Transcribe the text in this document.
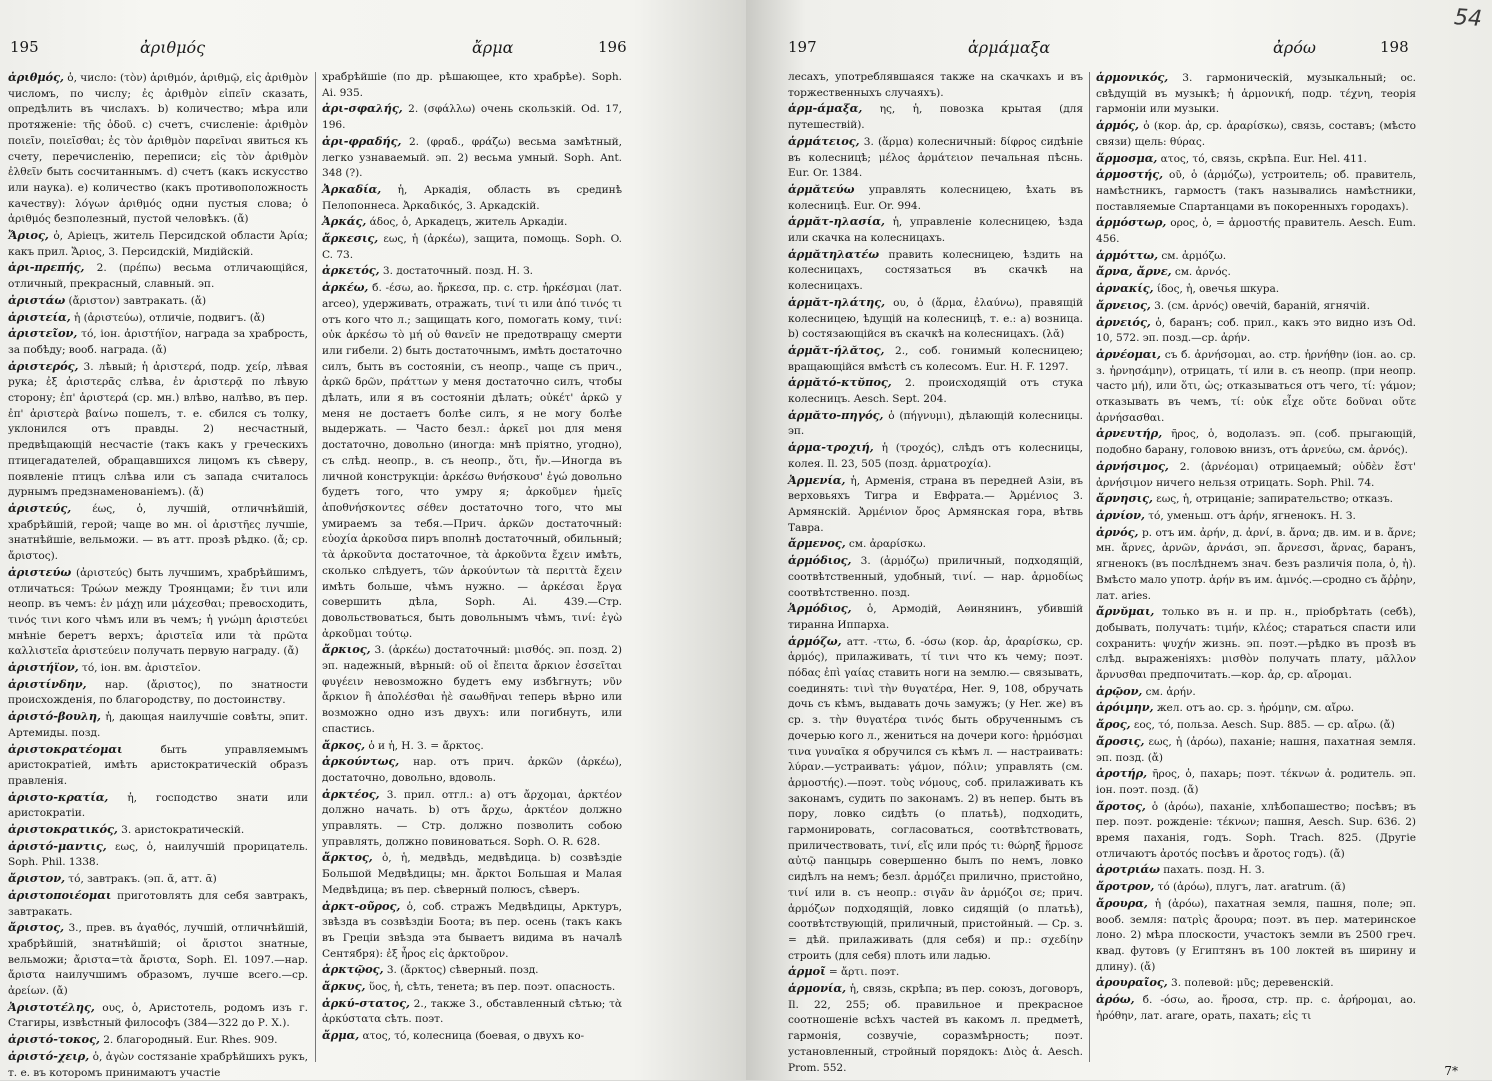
195	ἀριθμός	ἄρμα	196

ἀριθμός, ὁ, число: (τὸν) ἀριθμόν, ἀριθμῷ, εἰς ἀριθμὸν числомъ, по числу; ἐς ἀριθμὸν εἰπεῖν сказать, опредѣлить въ числахъ. b) количество; мѣра или протяженіе: τῆς ὁδοῦ. c) счетъ, счисленіе: ἀριθμὸν ποιεῖν, ποιεῖσθαι; ἐς τὸν ἀριθμὸν παρεῖναι явиться къ счету, перечисленію, переписи; εἰς τὸν ἀριθμὸν ἐλθεῖν быть сосчитаннымъ. d) счетъ (какъ искусство или наука). e) количество (какъ противоположность качеству): λόγων ἀριθμός одни пустыя слова; ὁ ἀριθμός безполезный, пустой человѣкъ. (ἄ)

Ἄριος, ὁ, Аріецъ, житель Персидской области Ἀρία; какъ прил. Ἄριος, 3. Персидскій, Мидійскій.

ἀρι-πρεπής, 2. (πρέπω) весьма отличающійся, отличный, прекрасный, славный. эп.

ἀριστάω (ἄριστον) завтракать. (ἄ)

ἀριστεία, ἡ (ἀριστεύω), отличіе, подвигъ. (ἄ)

ἀριστεῖον, τό, іон. ἀριστήϊον, награда за храбрость, за побѣду; вооб. награда. (ἄ)

ἀριστερός, 3. лѣвый; ἡ ἀριστερά, подр. χείρ, лѣвая рука; ἐξ ἀριστερᾶς слѣва, ἐν ἀριστερᾷ по лѣвую сторону; ἐπ' ἀριστερά (ср. мн.) влѣво, налѣво, въ пер. ἐπ' ἀριστερὰ βαίνω пошелъ, т. е. сбился съ толку, уклонился отъ правды. 2) несчастный, предвѣщающій несчастіе (такъ какъ у греческихъ птицегадателей, обращавшихся лицомъ къ сѣверу, появленіе птицъ слѣва или съ запада считалось дурнымъ предзнаменованіемъ). (ἄ)

ἀριστεύς, έως, ὁ, лучшій, отличнѣйшій, храбрѣйшій, герой; чаще во мн. οἱ ἀριστῆες лучшіе, знатнѣйшіе, вельможи. — въ атт. прозѣ рѣдко. (ἄ; ср. ἄριστος).

ἀριστεύω (ἀριστεύς) быть лучшимъ, храбрѣйшимъ, отличаться: Τρώων между Троянцами; ἔν τινι или неопр. въ чемъ: ἐν μάχῃ или μάχεσθαι; превосходить, τινός τινι кого чѣмъ или въ чемъ; ἡ γνώμη ἀριστεύει мнѣніе беретъ верхъ; ἀριστεῖα или τὰ πρῶτα καλλιστεῖα ἀριστεύειν получать первую награду. (ἄ)

ἀριστήϊον, τό, іон. вм. ἀριστεῖον.

ἀριστίνδην, нар. (ἄριστος), по знатности происхожденія, по благородству, по достоинству.

ἀριστό-βουλη, ἡ, дающая наилучшіе совѣты, эпит. Артемиды. позд.

ἀριστοκρατέομαι быть управляемымъ аристократіей, имѣть аристократическій образъ правленія.

ἀριστο-κρατία, ἡ, господство знати или аристократіи.

ἀριστοκρατικός, 3. аристократическій.

ἀριστό-μαντις, εως, ὁ, наилучшій прорицатель. Soph. Phil. 1338.

ἄριστον, τό, завтракъ. (эп. ᾰ, атт. ᾱ)

ἀριστοποιέομαι приготовлять для себя завтракъ, завтракать.

ἄριστος, 3., прев. въ ἀγαθός, лучшій, отличнѣйшій, храбрѣйшій, знатнѣйшій; οἱ ἄριστοι знатные, вельможи; ἄριστα=τὰ ἄριστα, Soph. El. 1097.—нар. ἄριστα наилучшимъ образомъ, лучше всего.—ср. ἀρείων. (ἄ)

Ἀριστοτέλης, ους, ὁ, Аристотель, родомъ изъ г. Стагиры, извѣстный философъ (384—322 до Р. Х.).

ἀριστό-τοκος, 2. благородный. Eur. Rhes. 909.

ἀριστό-χειρ, ὁ, ἀγὼν состязаніе храбрѣйшихъ рукъ, т. е. въ которомъ принимаютъ участіе

храбрѣйшіе (по др. рѣшающее, кто храбрѣе). Soph. Ai. 935.

ἀρι-σφαλής, 2. (σφάλλω) очень скользкій. Od. 17, 196.

ἀρι-φραδής, 2. (φραδ., φράζω) весьма замѣтный, легко узнаваемый. эп. 2) весьма умный. Soph. Ant. 348 (?).

Ἀρκαδία, ἡ, Аркадія, область въ срединѣ Пелопоннеса. Ἀρκαδικός, 3. Аркадскій.

Ἀρκάς, άδος, ὁ, Аркадецъ, житель Аркадіи.

ἄρκεσις, εως, ἡ (ἀρκέω), защита, помощь. Soph. O. C. 73.

ἀρκετός, 3. достаточный. позд. Н. З.

ἀρκέω, б. -έσω, ао. ἤρκεσα, пр. с. стр. ἠρκέσμαι (лат. arceo), удерживать, отражать, τινί τι или ἀπό τινός τι отъ кого что л.; защищать кого, помогать кому, τινί: οὐκ ἀρκέσω τὸ μή οὐ θανεῖν не предотвращу смерти или гибели. 2) быть достаточнымъ, имѣть достаточно силъ, быть въ состояніи, съ неопр., чаще съ прич., ἀρκῶ δρῶν, πράττων у меня достаточно силъ, чтобы дѣлать, или я въ состояніи дѣлать; οὐκέτ' ἀρκῶ у меня не достаетъ болѣе силъ, я не могу болѣе выдержать. — Часто безл.: ἀρκεῖ μοι для меня достаточно, довольно (иногда: мнѣ пріятно, угодно), съ слѣд. неопр., в. съ неопр., ὅτι, ἤν.—Иногда въ личной конструкціи: ἀρκέσω θνήσκουσ' ἐγώ довольно будетъ того, что умру я; ἀρκοῦμεν ἡμεῖς ἀποθνήσκοντες σέθεν достаточно того, что мы умираемъ за тебя.—Прич. ἀρκῶν достаточный: εὐοχία ἀρκοῦσα пиръ вполнѣ достаточный, обильный; τὰ ἀρκοῦντα достаточное, τὰ ἀρκοῦντα ἔχειν имѣть, сколько слѣдуетъ, τῶν ἀρκούντων τὰ περιττὰ ἔχειν имѣть больше, чѣмъ нужно. — ἀρκέσαι ἔργα совершить дѣла, Soph. Ai. 439.—Стр. довольствоваться, быть довольнымъ чѣмъ, τινί: ἐγὼ ἀρκοῦμαι τούτῳ.

ἄρκιος, 3. (ἀρκέω) достаточный: μισθός. эп. позд. 2) эп. надежный, вѣрный: οὔ οἱ ἔπειτα ἄρκιον ἐσσεῖται φυγέειν невозможно будетъ ему избѣгнуть; νῦν ἄρκιον ἢ ἀπολέσθαι ἠὲ σαωθῆναι теперь вѣрно или возможно одно изъ двухъ: или погибнуть, или спастись.

ἄρκος, ὁ и ἡ, Н. З. = ἄρκτος.

ἀρκούντως, нар. отъ прич. ἀρκῶν (ἀρκέω), достаточно, довольно, вдоволь.

ἀρκτέος, 3. прил. отгл.: а) отъ ἄρχομαι, ἀρκτέον должно начать. b) отъ ἄρχω, ἀρκτέον должно управлять. — Стр. должно позволить собою управлять, должно повиноваться. Soph. O. R. 628.

ἄρκτος, ὁ, ἡ, медвѣдь, медвѣдица. b) созвѣздіе Большой Медвѣдицы; мн. ἄρκτοι Большая и Малая Медвѣдица; въ пер. сѣверный полюсъ, сѣверъ.

ἀρκτ-οῦρος, ὁ, соб. стражъ Медвѣдицы, Арктуръ, звѣзда въ созвѣздіи Боота; въ пер. осень (такъ какъ въ Греціи звѣзда эта бываетъ видима въ началѣ Сентября): ἐξ ἦρος εἰς ἀρκτοῦρον.

ἀρκτῷος, 3. (ἄρκτος) сѣверный. позд.

ἄρκυς, ὕος, ἡ, сѣть, тенета; въ пер. поэт. опасность.

ἀρκύ-στατος, 2., также 3., обставленный сѣтью; τὰ ἀρκύστατα сѣть. поэт.

ἄρμα, ατος, τό, колесница (боевая, о двухъ ко-

54
197	ἁρμάμαξα	ἀρόω	198

лесахъ, употреблявшаяся также на скачкахъ и въ торжественныхъ случаяхъ).

ἁρμ-άμαξα, ης, ἡ, повозка крытая (для путешествій).

ἁρμάτειος, 3. (ἅρμα) колесничный: δίφρος сидѣніе въ колесницѣ; μέλος ἁρμάτειον печальная пѣснь. Eur. Or. 1384.

ἁρμᾰτεύω управлять колесницею, ѣхать въ колесницѣ. Eur. Or. 994.

ἁρμᾰτ-ηλασία, ἡ, управленіе колесницею, ѣзда или скачка на колесницахъ.

ἁρμᾰτηλατέω править колесницею, ѣздить на колесницахъ, состязаться въ скачкѣ на колесницахъ.

ἁρμᾰτ-ηλάτης, ου, ὁ (ἅρμα, ἐλαύνω), правящій колесницею, ѣдущій на колесницѣ, т. е.: а) возница. b) состязающійся въ скачкѣ на колесницахъ. (λᾰ)

ἁρμᾰτ-ήλᾰτος, 2., соб. гонимый колесницею; вращающійся вмѣстѣ съ колесомъ. Eur. H. F. 1297.

ἁρμᾰτό-κτῠπος, 2. происходящій отъ стука колесницъ. Aesch. Sept. 204.

ἁρμᾰτο-πηγός, ὁ (πήγνυμι), дѣлающій колесницы. эп.

ἁρμα-τροχιή, ἡ (τροχός), слѣдъ отъ колесницы, колея. Il. 23, 505 (позд. ἁρματροχία).

Ἀρμενία, ἡ, Арменія, страна въ передней Азіи, въ верховьяхъ Тигра и Евфрата.— Ἀρμένιος 3. Армянскій. Ἀρμένιον ὄρος Армянская гора, вѣтвь Тавра.

ἄρμενος, см. ἀραρίσκω.

ἁρμόδιος, 3. (ἁρμόζω) приличный, подходящій, соотвѣтственный, удобный, τινί. — нар. ἁρμοδίως соотвѣтственно. позд.

Ἁρμόδιος, ὁ, Армодій, Аѳинянинъ, убившій тиранна Иппарха.

ἁρμόζω, атт. -ττω, б. -όσω (кор. ἀρ, ἀραρίσκω, ср. ἁρμός), прилаживать, τί τινι что къ чему; поэт. πόδας ἐπὶ γαίας ставить ноги на землю.— связывать, соединять: τινὶ τὴν θυγατέρα, Her. 9, 108, обручать дочь съ кѣмъ, выдавать дочь замужъ; (у Her. же) въ ср. з. τὴν θυγατέρα τινός быть обрученнымъ съ дочерью кого л., жениться на дочери кого: ἡρμόσμαι τινα γυναῖκα я обручился съ кѣмъ л. — настраивать: λύραν.—устраивать: γάμον, πόλιν; управлять (см. ἁρμοστής).—поэт. τοὺς νόμους, соб. прилаживать къ законамъ, судить по законамъ. 2) въ непер. быть въ пору, ловко сидѣть (о платьѣ), подходить, гармонировать, согласоваться, соотвѣтствовать, приличествовать, τινί, εἴς или πρός τι: θώρηξ ἥρμοσε αὐτῷ панцырь совершенно былъ по немъ, ловко сидѣлъ на немъ; безл. ἁρμόζει прилично, пристойно, τινί или в. съ неопр.: σιγᾶν ἂν ἁρμόζοι σε; прич. ἁρμόζων подходящій, ловко сидящій (о платьѣ), соотвѣтствующій, приличный, пристойный. — Ср. з. = дѣй. прилаживать (для себя) и пр.: σχεδίην строить (для себя) плоть или ладью.

ἁρμοῖ = ἄρτι. поэт.

ἁρμονία, ἡ, связь, скрѣпа; въ пер. союзъ, договоръ, Il. 22, 255; об. правильное и прекрасное соотношеніе всѣхъ частей въ какомъ л. предметѣ, гармонія, созвучіе, соразмѣрность; поэт. установленный, стройный порядокъ: Διὸς ἁ. Aesch. Prom. 552.

ἁρμονικός, 3. гармоническій, музыкальный; ос. свѣдущій въ музыкѣ; ἡ ἁρμονική, подр. τέχνη, теорія гармоніи или музыки.

ἁρμός, ὁ (кор. ἀρ, ср. ἀραρίσκω), связь, составъ; (мѣсто связи) щель: θύρας.

ἅρμοσμα, ατος, τό, связь, скрѣпа. Eur. Hel. 411.

ἁρμοστής, οῦ, ὁ (ἁρμόζω), устроитель; об. правитель, намѣстникъ, гармостъ (такъ назывались намѣстники, поставляемые Спартанцами въ покоренныхъ городахъ).

ἁρμόστωρ, ορος, ὁ, = ἁρμοστής правитель. Aesch. Eum. 456.

ἁρμόττω, см. ἁρμόζω.

ἄρνα, ἄρνε, см. ἀρνός.

ἀρνακίς, ίδος, ἡ, овечья шкура.

ἄρνειος, 3. (см. ἀρνός) овечій, бараній, ягнячій.

ἀρνειός, ὁ, баранъ; соб. прил., какъ это видно изъ Od. 10, 572. эп. позд.—ср. ἀρήν.

ἀρνέομαι, съ б. ἀρνήσομαι, ао. стр. ἠρνήθην (іон. ао. ср. з. ἠρνησάμην), отрицать, τί или в. съ неопр. (при неопр. часто μή), или ὅτι, ὡς; отказываться отъ чего, τί: γάμον; отказывать въ чемъ, τί: οὐκ εἶχε οὔτε δοῦναι οὔτε ἀρνήσασθαι.

ἀρνευτήρ, ῆρος, ὁ, водолазъ. эп. (соб. прыгающій, подобно барану, головою внизъ, отъ ἀρνεύω, см. ἀρνός).

ἀρνήσιμος, 2. (ἀρνέομαι) отрицаемый; οὐδὲν ἔστ' ἀρνήσιμον ничего нельзя отрицать. Soph. Phil. 74.

ἄρνησις, εως, ἡ, отрицаніе; запирательство; отказъ.

ἀρνίον, τό, уменьш. отъ ἀρήν, ягненокъ. Н. З.

ἀρνός, р. отъ им. ἀρήν, д. ἀρνί, в. ἄρνα; дв. им. и в. ἄρνε; мн. ἄρνες, ἀρνῶν, ἀρνάσι, эп. ἄρνεσσι, ἄρνας, баранъ, ягненокъ (въ послѣднемъ знач. безъ различія пола, ὁ, ἡ). Вмѣсто мало употр. ἀρήν въ им. ἀμνός.—сродно съ ἄῤῥην, лат. aries.

ἄρνῠμαι, только въ н. и пр. н., пріобрѣтать (себѣ), добывать, получать: τιμήν, κλέος; стараться спасти или сохранить: ψυχήν жизнь. эп. поэт.—рѣдко въ прозѣ въ слѣд. выраженіяхъ: μισθὸν получать плату, μᾶλλον ἄρνυσθαι предпочитать.—кор. ἀρ, ср. αἴρομαι.

ἀρῷον, см. ἀρήν.

ἀρόιμην, жел. отъ ао. ср. з. ἠρόμην, см. αἴρω.

ἄρος, εος, τό, польза. Aesch. Sup. 885. — ср. αἴρω. (ἄ)

ἄροσις, εως, ἡ (ἀρόω), паханіе; нашня, пахатная земля. эп. позд. (ἄ)

ἀροτήρ, ῆρος, ὁ, пахарь; поэт. τέκνων ἀ. родитель. эп. іон. поэт. позд. (ἄ)

ἄροτος, ὁ (ἀρόω), паханіе, хлѣбопашество; посѣвъ; въ пер. поэт. рожденіе: τέκνων; пашня, Aesch. Sup. 636. 2) время паханія, годъ. Soph. Trach. 825. (Другіе отличаютъ ἀροτός посѣвъ и ἄροτος годъ). (ἄ)

ἀροτριάω пахать. позд. Н. З.

ἄροτρον, τό (ἀρόω), плугъ, лат. aratrum. (ᾰ)

ἄρουρα, ἡ (ἀρόω), пахатная земля, пашня, поле; эп. вооб. земля: πατρὶς ἄρουρα; поэт. въ пер. материнское лоно. 2) мѣра плоскости, участокъ земли въ 2500 греч. квад. футовъ (у Египтянъ въ 100 локтей въ ширину и длину). (ἄ)

ἀρουραῖος, 3. полевой: μῦς; деревенскій.

ἀρόω, б. -όσω, ао. ἤροσα, стр. пр. с. ἀρήρομαι, ао. ἠρόθην, лат. arare, орать, пахать; εἰς τι

7*
